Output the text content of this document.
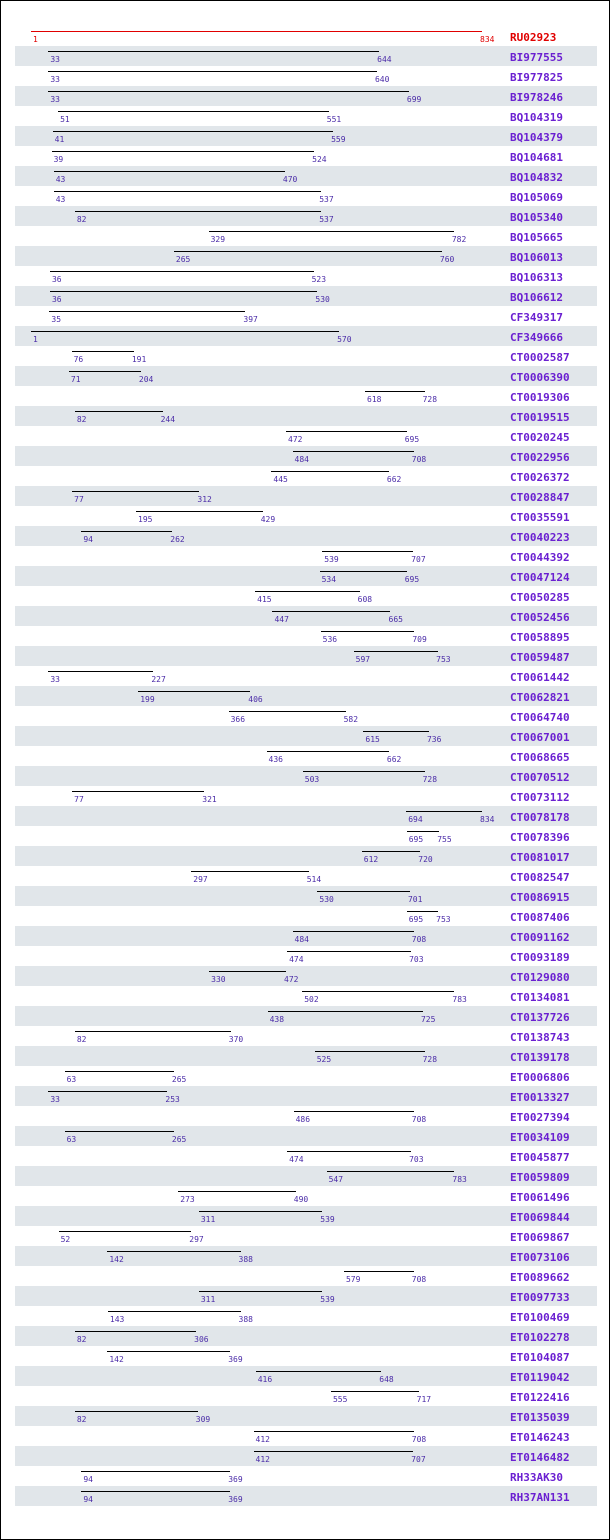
1	834 RU02923
33	644	BI977555
33	640	BI977825
33	699	BI978246
51	551	BQ104319
41	559	BQ104379
39	524	BQ104681
43	470	BQ104832
43	537	BQ105069
82	537	BQ105340
329	782	BQ105665
265	760	BQ106013
36	523	BQ106313
36	530	BQ106612
35	397	CF349317
1	570	CF349666
76	191	CT0002587
71	204	CT0006390
618	728	CT0019306
82	244	CT0019515
472	695	CT0020245
484	708	CT0022956
445	662	CT0026372
77	312	CT0028847
195	429	CT0035591
94	262	CT0040223
539	707	CT0044392
534	695	CT0047124
415	608	CT0050285
447	665	CT0052456
536	709	CT0058895
597	753	CT0059487
33	227	CT0061442
199	406	CT0062821
366	582	CT0064740
615	736	CT0067001
436	662	CT0068665
503	728	CT0070512
77	321	CT0073112
694	834 CT0078178
695 755	CT0078396
612	720	CT0081017
297	514	CT0082547
530	701	CT0086915
695 753	CT0087406
484	708	CT0091162
474	703	CT0093189
330	472	CT0129080
502	783	CT0134081
438	725	CT0137726
82	370	CT0138743
525	728	CT0139178
63	265	ET0006806
33	253	ET0013327
486	708	ET0027394
63	265	ET0034109
474	703	ET0045877
547	783	ET0059809
273	490	ET0061496
311	539	ET0069844
52	297	ET0069867
142	388	ET0073106
579	708	ET0089662
311	539	ET0097733
143	388	ET0100469
82	306	ET0102278
142	369	ET0104087
416	648	ET0119042
555	717	ET0122416
82	309	ET0135039
412	708	ET0146243
412	707	ET0146482
94	369	RH33AK30
94	369	RH37AN131
